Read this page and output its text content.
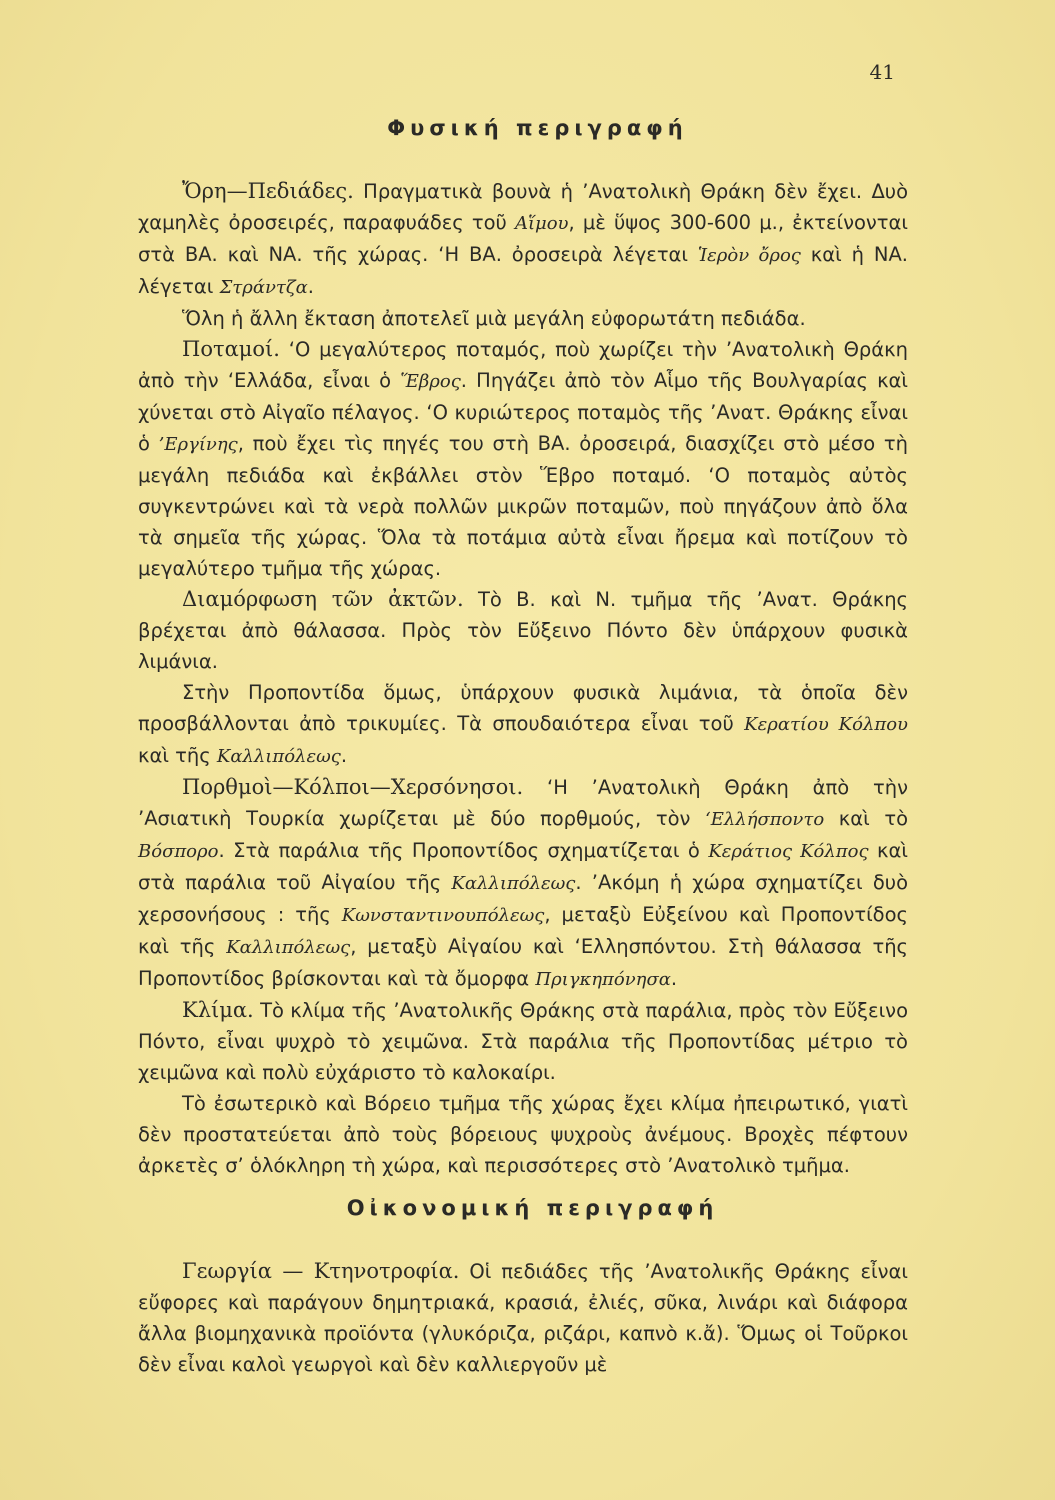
41
Φυσική περιγραφή

Ὄρη—Πεδιάδες. Πραγματικὰ βουνὰ ἡ ’Ανατολικὴ Θράκη δὲν ἔχει. Δυὸ χαμηλὲς ὀροσειρές, παραφυάδες τοῦ Αἵμου, μὲ ὕψος 300-600 μ., ἐκτείνονται στὰ ΒΑ. καὶ ΝΑ. τῆς χώρας. ‘Η ΒΑ. ὀροσειρὰ λέγεται Ἱερὸν ὄρος καὶ ἡ ΝΑ. λέγεται Στράντζα.

Ὅλη ἡ ἄλλη ἔκταση ἀποτελεῖ μιὰ μεγάλη εὐφορωτάτη πεδιάδα.

Ποταμοί. ‘Ο μεγαλύτερος ποταμός, ποὺ χωρίζει τὴν ’Ανατολικὴ Θράκη ἀπὸ τὴν ‘Ελλάδα, εἶναι ὁ Ἕβρος. Πηγάζει ἀπὸ τὸν Αἷμο τῆς Βουλγαρίας καὶ χύνεται στὸ Αἰγαῖο πέλαγος. ‘Ο κυριώτερος ποταμὸς τῆς ’Ανατ. Θράκης εἶναι ὁ ’Εργίνης, ποὺ ἔχει τὶς πηγές του στὴ ΒΑ. ὀροσειρά, διασχίζει στὸ μέσο τὴ μεγάλη πεδιάδα καὶ ἐκβάλλει στὸν Ἕβρο ποταμό. ‘Ο ποταμὸς αὐτὸς συγκεντρώνει καὶ τὰ νερὰ πολλῶν μικρῶν ποταμῶν, ποὺ πηγάζουν ἀπὸ ὅλα τὰ σημεῖα τῆς χώρας. Ὅλα τὰ ποτάμια αὐτὰ εἶναι ἤρεμα καὶ ποτίζουν τὸ μεγαλύτερο τμῆμα τῆς χώρας.

Διαμόρφωση τῶν ἀκτῶν. Τὸ Β. καὶ Ν. τμῆμα τῆς ’Ανατ. Θράκης βρέχεται ἀπὸ θάλασσα. Πρὸς τὸν Εὔξεινο Πόντο δὲν ὑπάρχουν φυσικὰ λιμάνια.

Στὴν Προποντίδα ὅμως, ὑπάρχουν φυσικὰ λιμάνια, τὰ ὁποῖα δὲν προσβάλλονται ἀπὸ τρικυμίες. Τὰ σπουδαιότερα εἶναι τοῦ Κερατίου Κόλπου καὶ τῆς Καλλιπόλεως.

Πορθμοὶ—Κόλποι—Χερσόνησοι. ‘Η ’Ανατολικὴ Θράκη ἀπὸ τὴν ’Ασιατικὴ Τουρκία χωρίζεται μὲ δύο πορθμούς, τὸν ‘Ελλήσποντο καὶ τὸ Βόσπορο. Στὰ παράλια τῆς Προποντίδος σχηματίζεται ὁ Κεράτιος Κόλπος καὶ στὰ παράλια τοῦ Αἰγαίου τῆς Καλλιπόλεως. ’Ακόμη ἡ χώρα σχηματίζει δυὸ χερσονήσους : τῆς Κωνσταντινουπόλεως, μεταξὺ Εὐξείνου καὶ Προποντίδος καὶ τῆς Καλλιπόλεως, μεταξὺ Αἰγαίου καὶ ‘Ελλησπόντου. Στὴ θάλασσα τῆς Προποντίδος βρίσκονται καὶ τὰ ὄμορφα Πριγκηπόνησα.

Κλίμα. Τὸ κλίμα τῆς ’Ανατολικῆς Θράκης στὰ παράλια, πρὸς τὸν Εὔξεινο Πόντο, εἶναι ψυχρὸ τὸ χειμῶνα. Στὰ παράλια τῆς Προποντίδας μέτριο τὸ χειμῶνα καὶ πολὺ εὐχάριστο τὸ καλοκαίρι.

Τὸ ἐσωτερικὸ καὶ Βόρειο τμῆμα τῆς χώρας ἔχει κλίμα ἠπειρωτικό, γιατὶ δὲν προστατεύεται ἀπὸ τοὺς βόρειους ψυχροὺς ἀνέμους. Βροχὲς πέφτουν ἀρκετὲς σ’ ὁλόκληρη τὴ χώρα, καὶ περισσότερες στὸ ’Ανατολικὸ τμῆμα.

Οἰκονομική περιγραφή

Γεωργία — Κτηνοτροφία. Οἱ πεδιάδες τῆς ’Ανατολικῆς Θράκης εἶναι εὔφορες καὶ παράγουν δημητριακά, κρασιά, ἐλιές, σῦκα, λινάρι καὶ διάφορα ἄλλα βιομηχανικὰ προϊόντα (γλυκόριζα, ριζάρι, καπνὸ κ.ἄ). Ὅμως οἱ Τοῦρκοι δὲν εἶναι καλοὶ γεωργοὶ καὶ δὲν καλλιεργοῦν μὲ
